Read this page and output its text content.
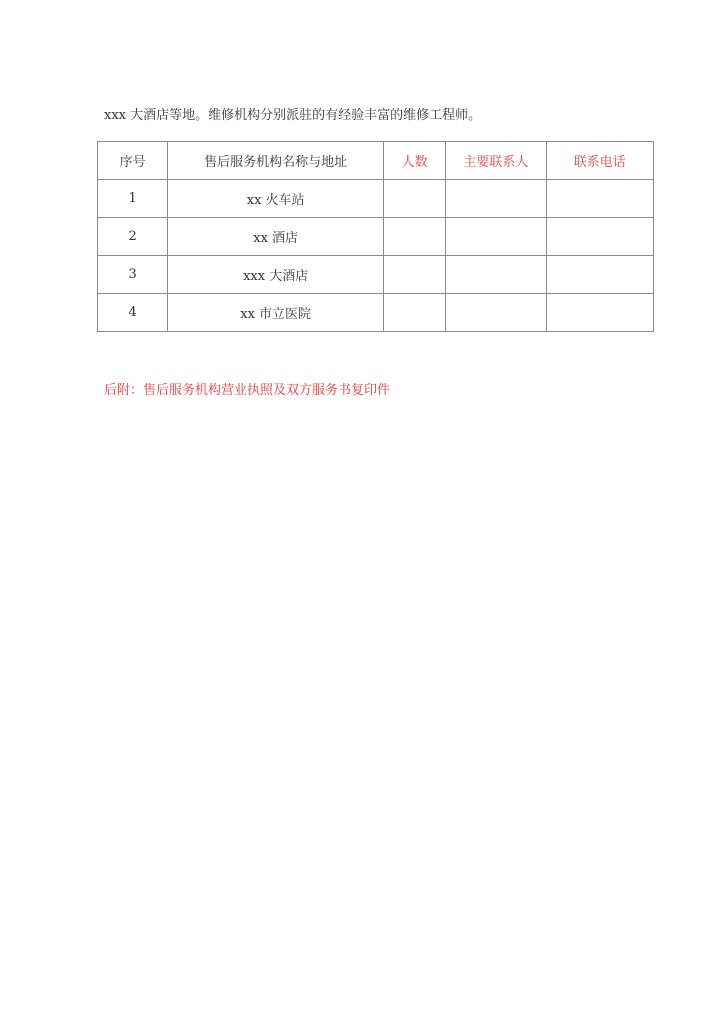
xxx 大酒店等地。维修机构分别派驻的有经验丰富的维修工程师。
序号	售后服务机构名称与地址	人数	主要联系人	联系电话
1	xx 火车站			
2	xx 酒店			
3	xxx 大酒店			
4	xx 市立医院			
后附：售后服务机构营业执照及双方服务书复印件
